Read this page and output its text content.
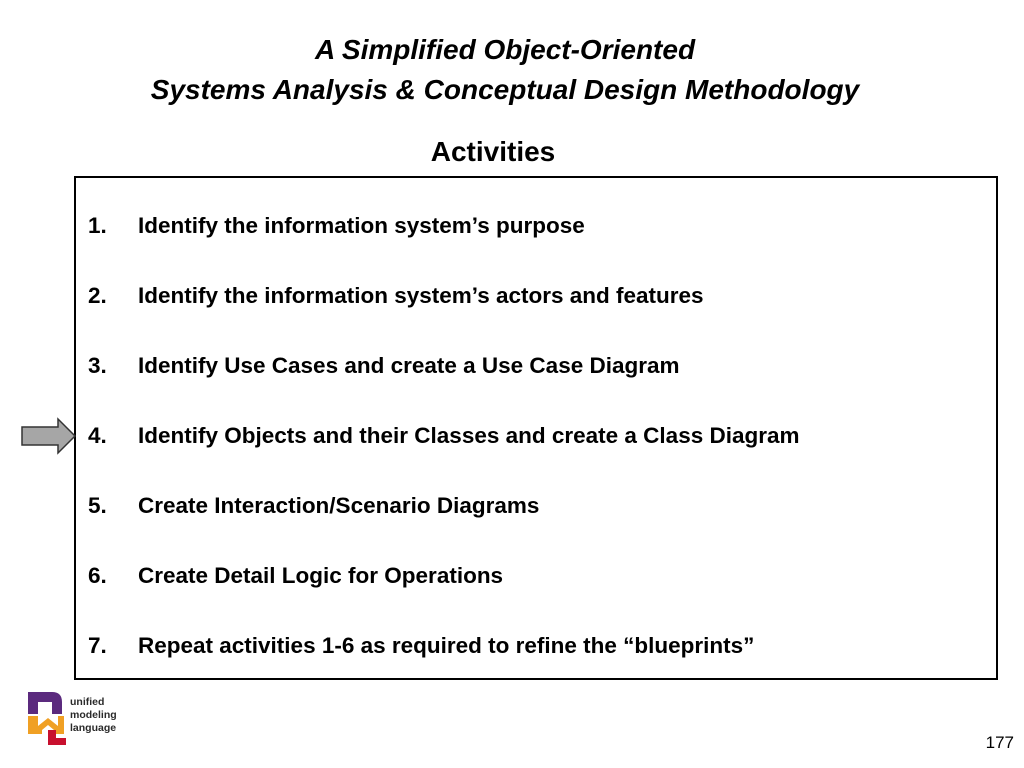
A Simplified Object-Oriented
Systems Analysis & Conceptual Design Methodology
Activities
1. Identify the information system’s purpose
2. Identify the information system’s actors and features
3. Identify Use Cases and create a Use Case Diagram
4. Identify Objects and their Classes and create a Class Diagram
5. Create Interaction/Scenario Diagrams
6. Create Detail Logic for Operations
7. Repeat activities 1-6 as required to refine the “blueprints”
unified
modeling
language
177
